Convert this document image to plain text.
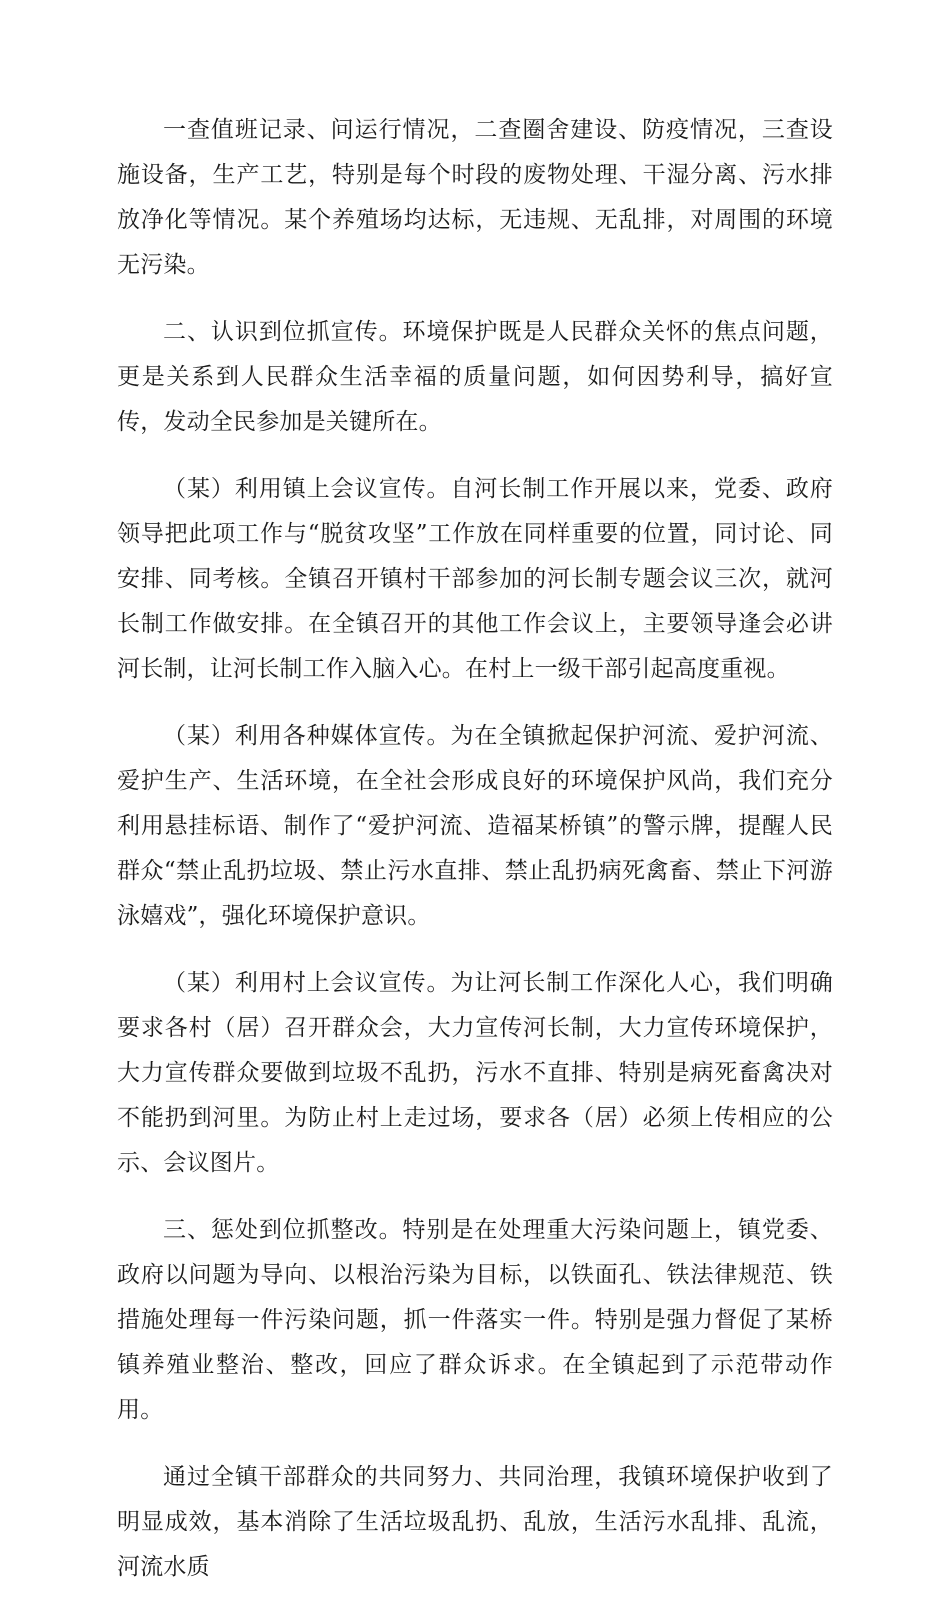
一查值班记录、问运行情况，二查圈舍建设、防疫情况，三查设施设备，生产工艺，特别是每个时段的废物处理、干湿分离、污水排放净化等情况。某个养殖场均达标，无违规、无乱排，对周围的环境无污染。

二、认识到位抓宣传。环境保护既是人民群众关怀的焦点问题，更是关系到人民群众生活幸福的质量问题，如何因势利导，搞好宣传，发动全民参加是关键所在。

（某）利用镇上会议宣传。自河长制工作开展以来，党委、政府领导把此项工作与“脱贫攻坚”工作放在同样重要的位置，同讨论、同安排、同考核。全镇召开镇村干部参加的河长制专题会议三次，就河长制工作做安排。在全镇召开的其他工作会议上，主要领导逢会必讲河长制，让河长制工作入脑入心。在村上一级干部引起高度重视。

（某）利用各种媒体宣传。为在全镇掀起保护河流、爱护河流、爱护生产、生活环境，在全社会形成良好的环境保护风尚，我们充分利用悬挂标语、制作了“爱护河流、造福某桥镇”的警示牌，提醒人民群众“禁止乱扔垃圾、禁止污水直排、禁止乱扔病死禽畜、禁止下河游泳嬉戏”，强化环境保护意识。

（某）利用村上会议宣传。为让河长制工作深化人心，我们明确要求各村（居）召开群众会，大力宣传河长制，大力宣传环境保护，大力宣传群众要做到垃圾不乱扔，污水不直排、特别是病死畜禽决对不能扔到河里。为防止村上走过场，要求各（居）必须上传相应的公示、会议图片。

三、惩处到位抓整改。特别是在处理重大污染问题上，镇党委、政府以问题为导向、以根治污染为目标，以铁面孔、铁法律规范、铁措施处理每一件污染问题，抓一件落实一件。特别是强力督促了某桥镇养殖业整治、整改，回应了群众诉求。在全镇起到了示范带动作用。

通过全镇干部群众的共同努力、共同治理，我镇环境保护收到了明显成效，基本消除了生活垃圾乱扔、乱放，生活污水乱排、乱流，河流水质
